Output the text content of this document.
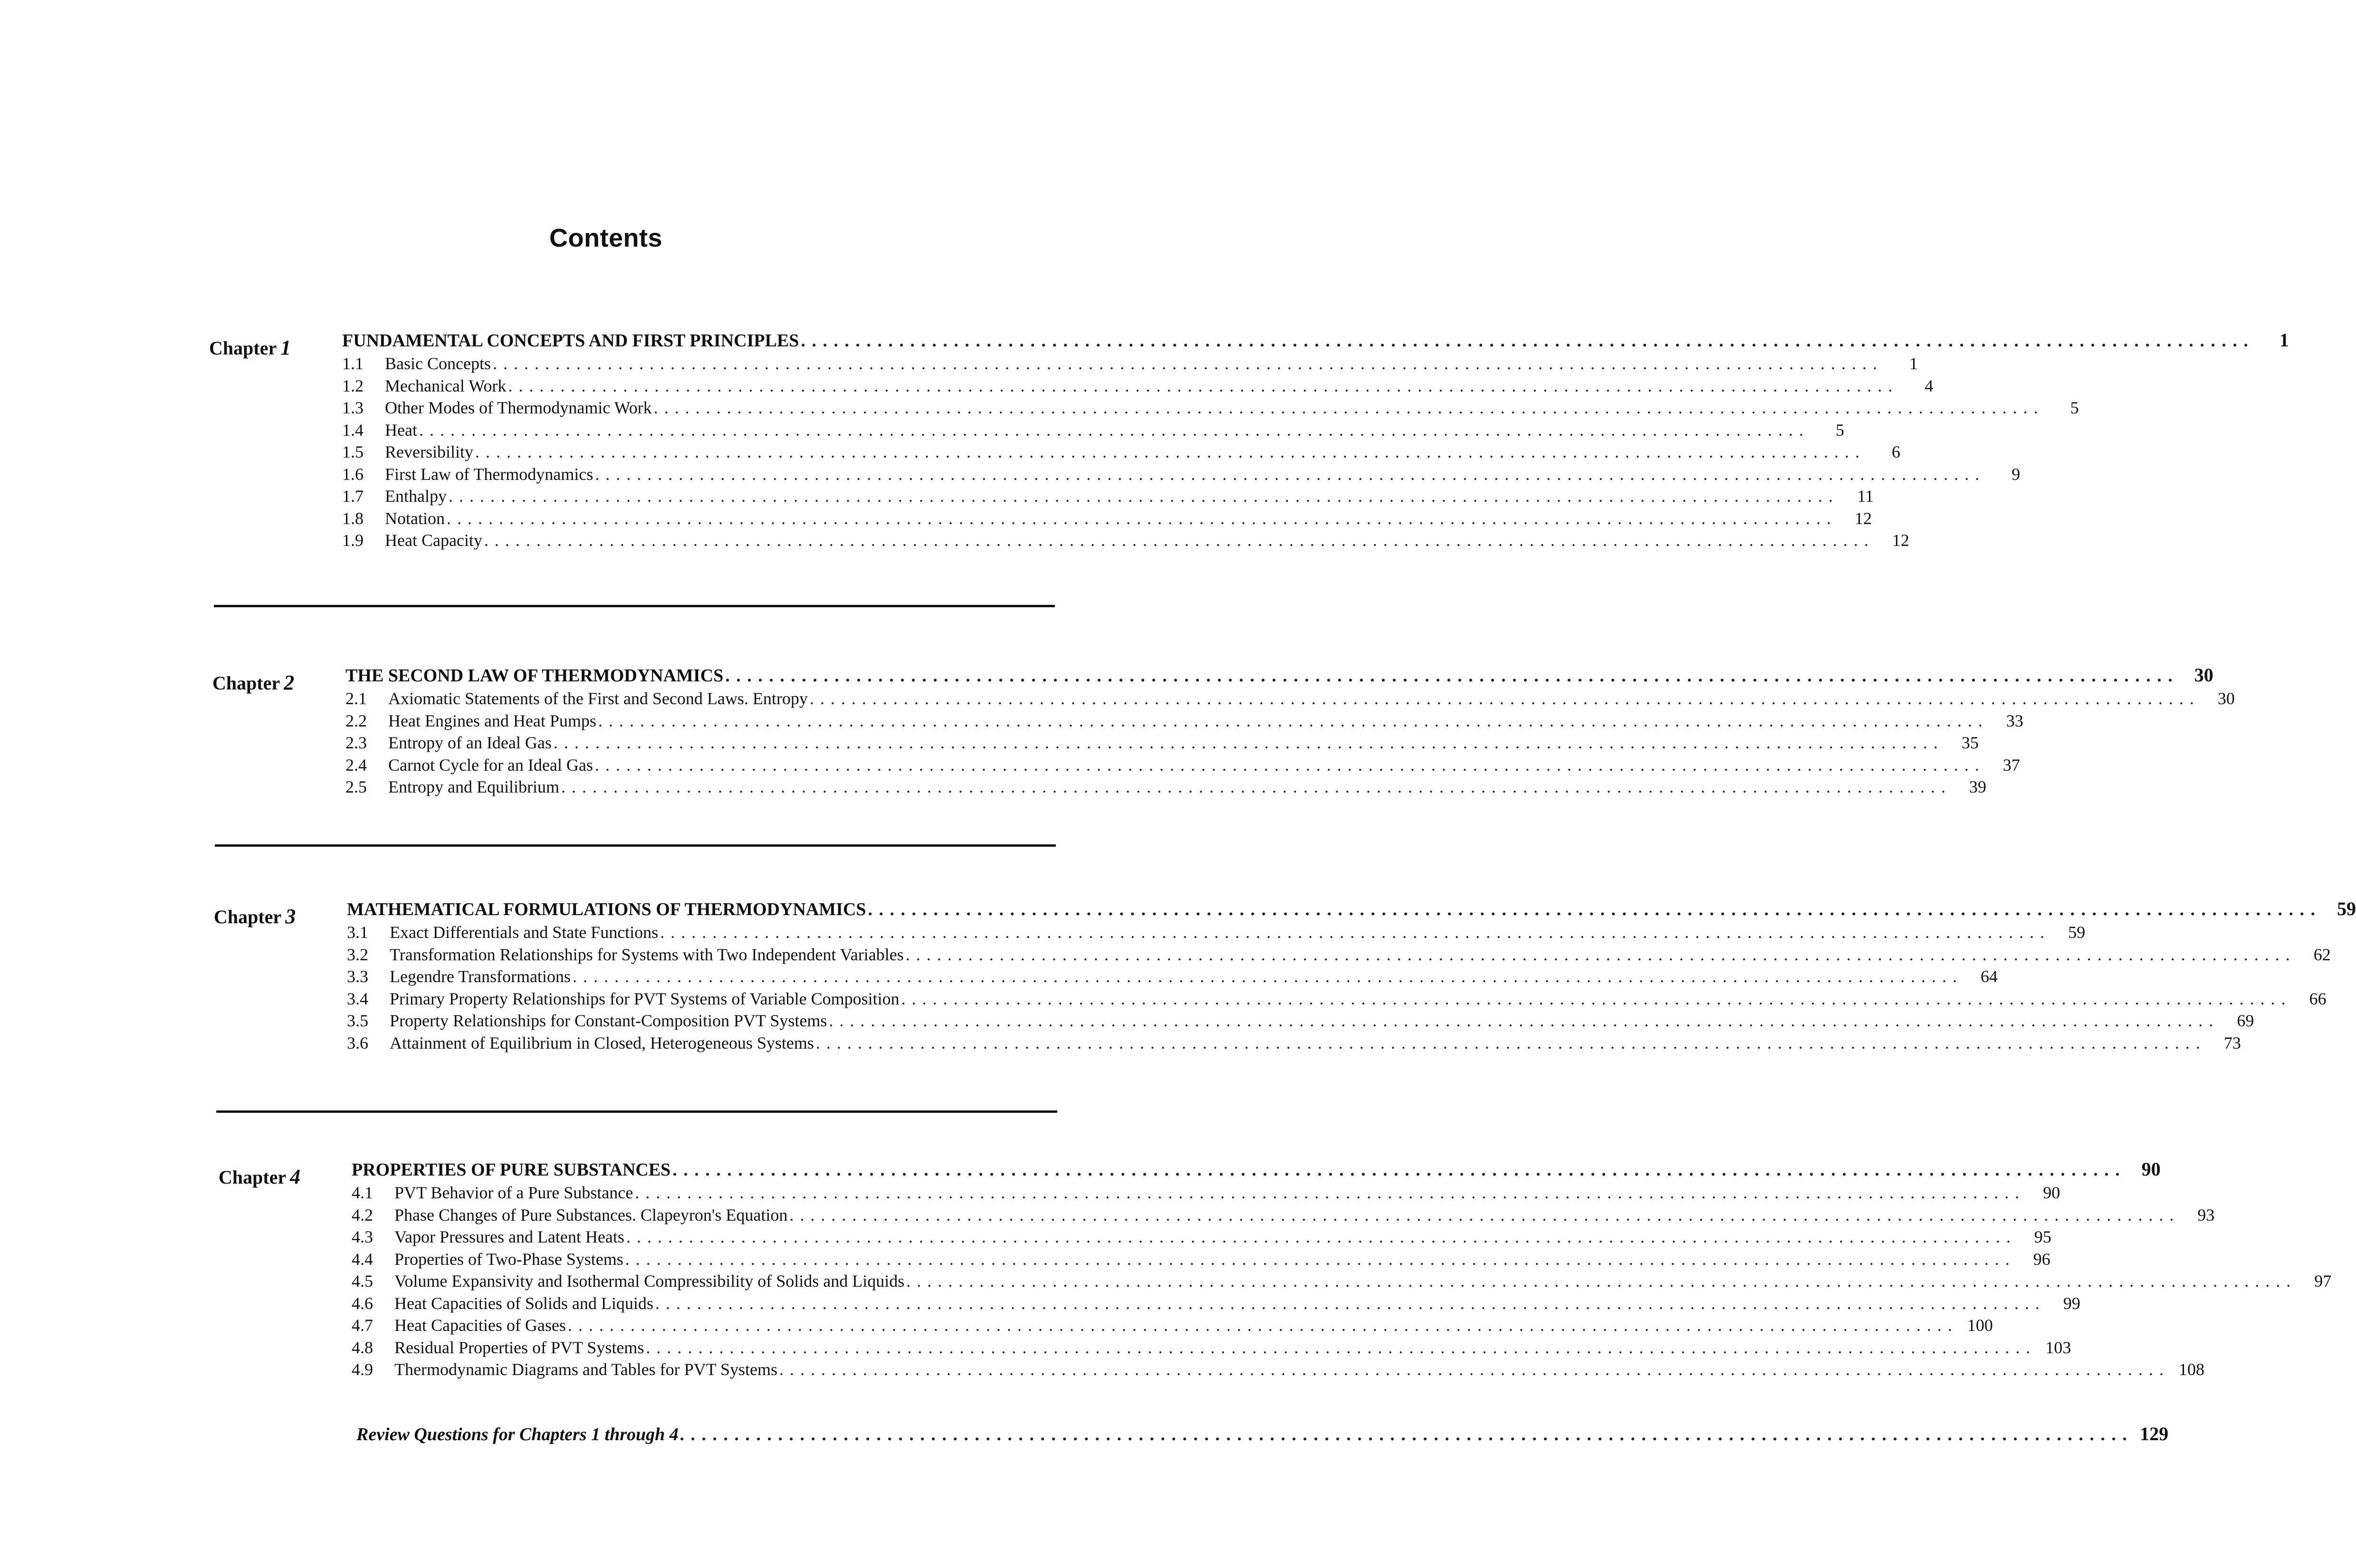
Contents
Chapter 1	FUNDAMENTAL CONCEPTS AND FIRST PRINCIPLES . . .	1
1.1	Basic Concepts . . .	1
1.2	Mechanical Work . . .	4
1.3	Other Modes of Thermodynamic Work . . .	5
1.4	Heat . . .	5
1.5	Reversibility . . .	6
1.6	First Law of Thermodynamics . . .	9
1.7	Enthalpy . . .	11
1.8	Notation . . .	12
1.9	Heat Capacity . . .	12
Chapter 2	THE SECOND LAW OF THERMODYNAMICS . . .	30
2.1	Axiomatic Statements of the First and Second Laws. Entropy . . .	30
2.2	Heat Engines and Heat Pumps . . .	33
2.3	Entropy of an Ideal Gas . . .	35
2.4	Carnot Cycle for an Ideal Gas . . .	37
2.5	Entropy and Equilibrium . . .	39
Chapter 3	MATHEMATICAL FORMULATIONS OF THERMODYNAMICS . . .	59
3.1	Exact Differentials and State Functions . . .	59
3.2	Transformation Relationships for Systems with Two Independent Variables . . .	62
3.3	Legendre Transformations . . .	64
3.4	Primary Property Relationships for PVT Systems of Variable Composition . . .	66
3.5	Property Relationships for Constant-Composition PVT Systems . . .	69
3.6	Attainment of Equilibrium in Closed, Heterogeneous Systems . . .	73
Chapter 4	PROPERTIES OF PURE SUBSTANCES . . .	90
4.1	PVT Behavior of a Pure Substance . . .	90
4.2	Phase Changes of Pure Substances. Clapeyron's Equation . . .	93
4.3	Vapor Pressures and Latent Heats . . .	95
4.4	Properties of Two-Phase Systems . . .	96
4.5	Volume Expansivity and Isothermal Compressibility of Solids and Liquids . . .	97
4.6	Heat Capacities of Solids and Liquids . . .	99
4.7	Heat Capacities of Gases . . .	100
4.8	Residual Properties of PVT Systems . . .	103
4.9	Thermodynamic Diagrams and Tables for PVT Systems . . .	108
Review Questions for Chapters 1 through 4 . . .	129
